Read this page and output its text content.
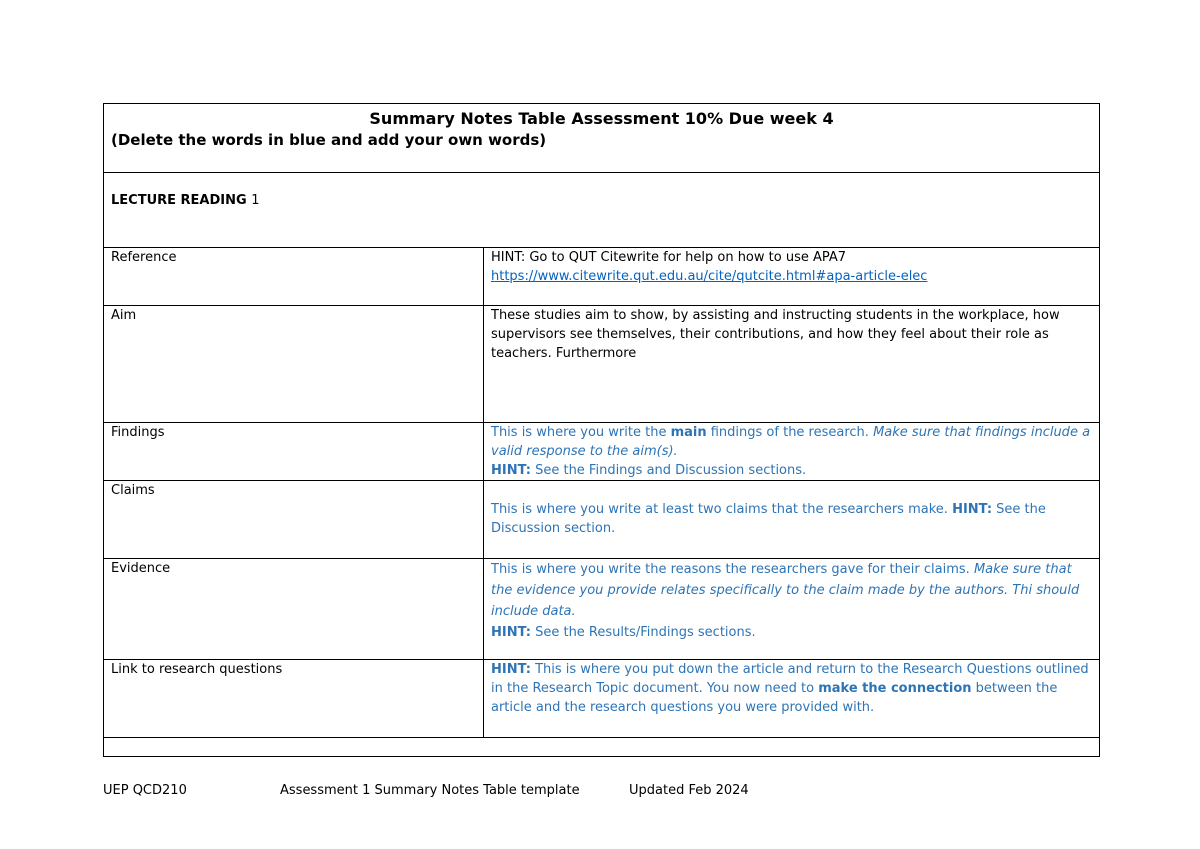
Summary Notes Table Assessment 10% Due week 4
(Delete the words in blue and add your own words)	

LECTURE READING 1	
Reference	HINT: Go to QUT Citewrite for help on how to use APA7

https://www.citewrite.qut.edu.au/cite/qutcite.html#apa-article-elec

Aim	These studies aim to show, by assisting and instructing students in the workplace, how supervisors see themselves, their contributions, and how they feel about their role as teachers. Furthermore

Findings	This is where you write the main findings of the research. Make sure that findings include a valid response to the aim(s).

HINT: See the Findings and Discussion sections.

Claims	This is where you write at least two claims that the researchers make. HINT: See the Discussion section.

Evidence	This is where you write the reasons the researchers gave for their claims. Make sure that the evidence you provide relates specifically to the claim made by the authors. Thi should include data.

HINT: See the Results/Findings sections.

Link to research questions	HINT: This is where you put down the article and return to the Research Questions outlined in the Research Topic document. You now need to make the connection between the article and the research questions you were provided with.

UEP QCD210	Assessment 1 Summary Notes Table template	Updated Feb 2024
